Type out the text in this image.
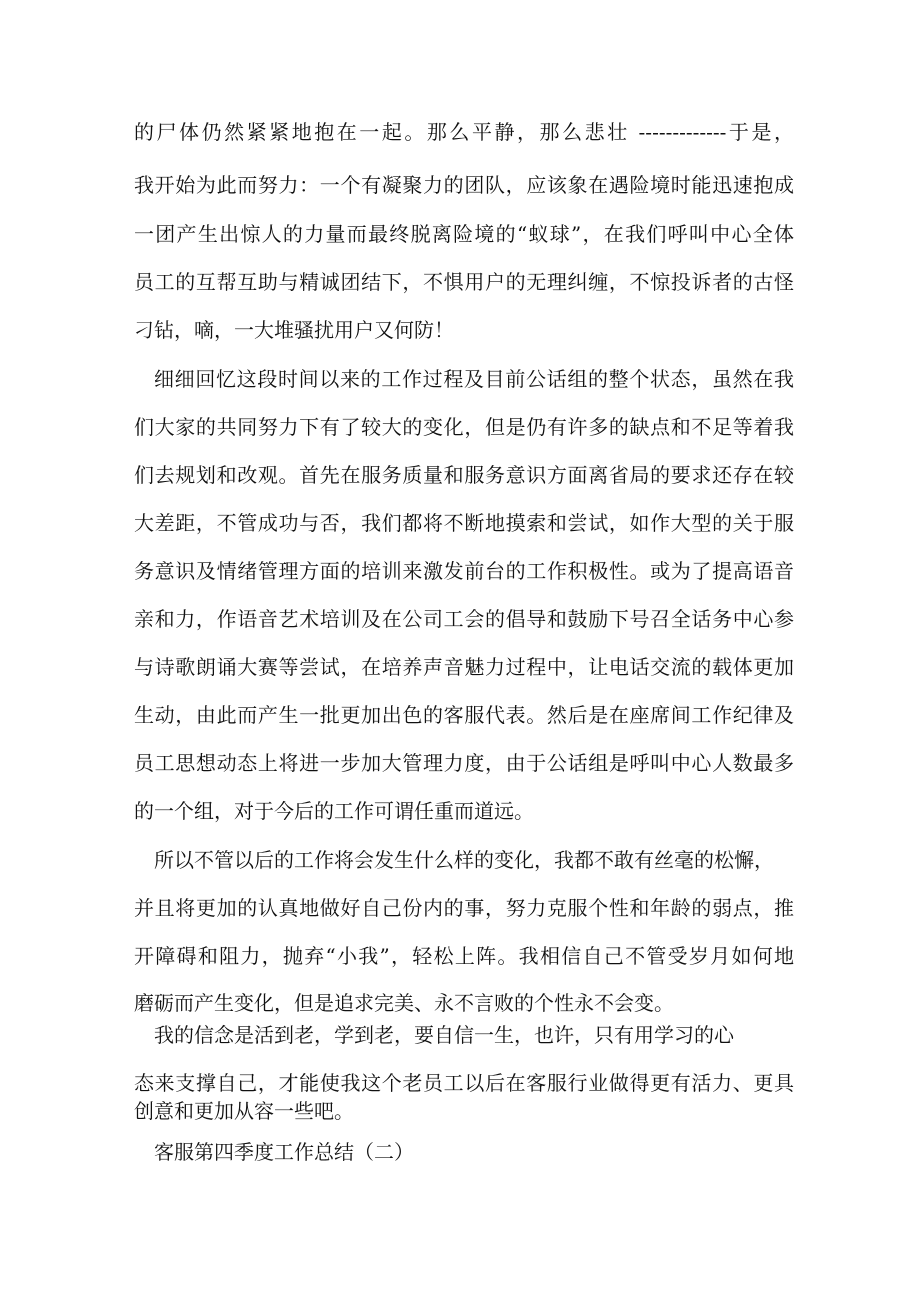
的尸体仍然紧紧地抱在一起。那么平静，那么悲壮 -------------于是，
我开始为此而努力：一个有凝聚力的团队，应该象在遇险境时能迅速抱成
一团产生出惊人的力量而最终脱离险境的“蚁球”，在我们呼叫中心全体
员工的互帮互助与精诚团结下，不惧用户的无理纠缠，不惊投诉者的古怪
刁钻，嘀，一大堆骚扰用户又何防！
细细回忆这段时间以来的工作过程及目前公话组的整个状态，虽然在我
们大家的共同努力下有了较大的变化，但是仍有许多的缺点和不足等着我
们去规划和改观。首先在服务质量和服务意识方面离省局的要求还存在较
大差距，不管成功与否，我们都将不断地摸索和尝试，如作大型的关于服
务意识及情绪管理方面的培训来激发前台的工作积极性。或为了提高语音
亲和力，作语音艺术培训及在公司工会的倡导和鼓励下号召全话务中心参
与诗歌朗诵大赛等尝试，在培养声音魅力过程中，让电话交流的载体更加
生动，由此而产生一批更加出色的客服代表。然后是在座席间工作纪律及
员工思想动态上将进一步加大管理力度，由于公话组是呼叫中心人数最多
的一个组，对于今后的工作可谓任重而道远。
所以不管以后的工作将会发生什么样的变化，我都不敢有丝毫的松懈，
并且将更加的认真地做好自己份内的事，努力克服个性和年龄的弱点，推
开障碍和阻力，抛弃“小我”，轻松上阵。我相信自己不管受岁月如何地
磨砺而产生变化，但是追求完美、永不言败的个性永不会变。
我的信念是活到老，学到老，要自信一生，也许，只有用学习的心
态来支撑自己，才能使我这个老员工以后在客服行业做得更有活力、更具
创意和更加从容一些吧。
客服第四季度工作总结（二）
